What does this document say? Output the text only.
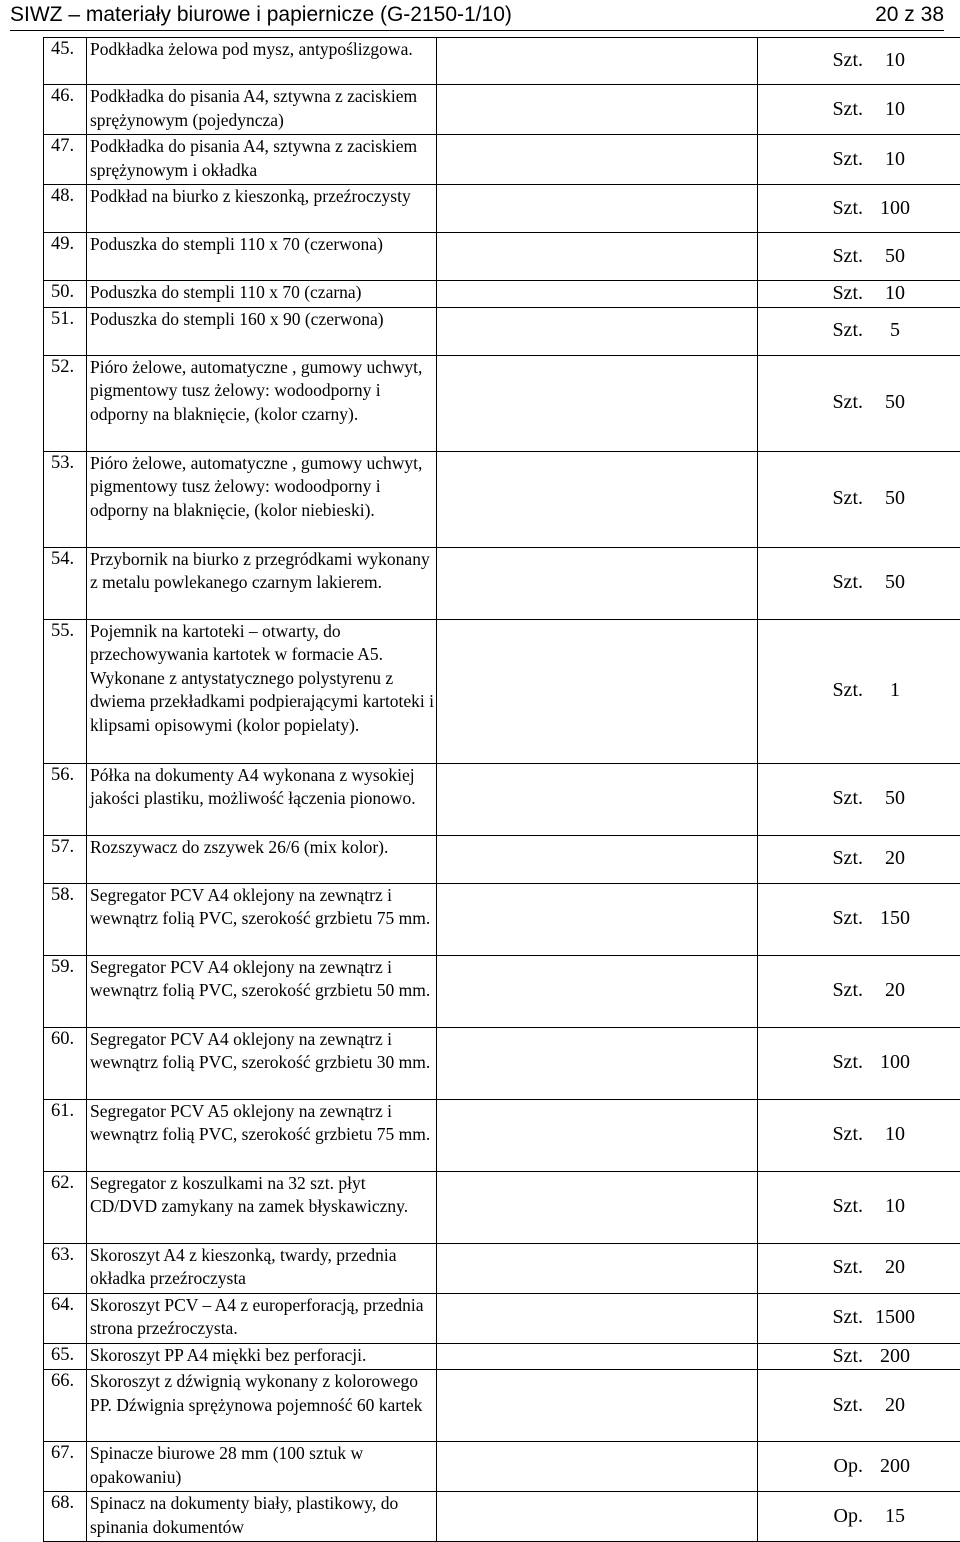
SIWZ – materiały biurowe i papiernicze (G-2150-1/10)	20 z 38
45.	Podkładka żelowa pod mysz, antypoślizgowa.		Szt. 10

46.	Podkładka do pisania A4, sztywna z zaciskiem sprężynowym (pojedyncza)		Szt. 10

47.	Podkładka do pisania A4, sztywna z zaciskiem sprężynowym i okładka		Szt. 10

48.	Podkład na biurko z kieszonką, przeźroczysty		Szt. 100

49.	Poduszka do stempli 110 x 70 (czerwona)		Szt. 50

50.	Poduszka do stempli 110 x 70 (czarna)		Szt. 10

51.	Poduszka do stempli 160 x 90 (czerwona)		Szt. 5

52.	Pióro żelowe, automatyczne , gumowy uchwyt, pigmentowy tusz żelowy: wodoodporny i odporny na blaknięcie, (kolor czarny).		Szt. 50

53.	Pióro żelowe, automatyczne , gumowy uchwyt, pigmentowy tusz żelowy: wodoodporny i odporny na blaknięcie, (kolor niebieski).		Szt. 50

54.	Przybornik na biurko z przegródkami wykonany z metalu powlekanego czarnym lakierem.		Szt. 50

55.	Pojemnik na kartoteki – otwarty, do przechowywania kartotek w formacie A5. Wykonane z antystatycznego polystyrenu z dwiema przekładkami podpierającymi kartoteki i klipsami opisowymi (kolor popielaty).		Szt. 1

56.	Półka na dokumenty A4 wykonana z wysokiej jakości plastiku, możliwość łączenia pionowo.		Szt. 50

57.	Rozszywacz do zszywek 26/6 (mix kolor).		Szt. 20

58.	Segregator PCV A4 oklejony na zewnątrz i wewnątrz folią PVC, szerokość grzbietu 75 mm.		Szt. 150

59.	Segregator PCV A4 oklejony na zewnątrz i wewnątrz folią PVC, szerokość grzbietu 50 mm.		Szt. 20

60.	Segregator PCV A4 oklejony na zewnątrz i wewnątrz folią PVC, szerokość grzbietu 30 mm.		Szt. 100

61.	Segregator PCV A5 oklejony na zewnątrz i wewnątrz folią PVC, szerokość grzbietu 75 mm.		Szt. 10

62.	Segregator z koszulkami na 32 szt. płyt CD/DVD zamykany na zamek błyskawiczny.		Szt. 10

63.	Skoroszyt A4 z kieszonką, twardy, przednia okładka przeźroczysta		Szt. 20

64.	Skoroszyt PCV – A4 z europerforacją, przednia strona przeźroczysta.		Szt. 1500

65.	Skoroszyt PP A4 miękki bez perforacji.		Szt. 200

66.	Skoroszyt z dźwignią wykonany z kolorowego PP. Dźwignia sprężynowa pojemność 60 kartek		Szt. 20

67.	Spinacze biurowe 28 mm (100 sztuk w opakowaniu)		Op. 200

68.	Spinacz na dokumenty biały, plastikowy, do spinania dokumentów		Op. 15
